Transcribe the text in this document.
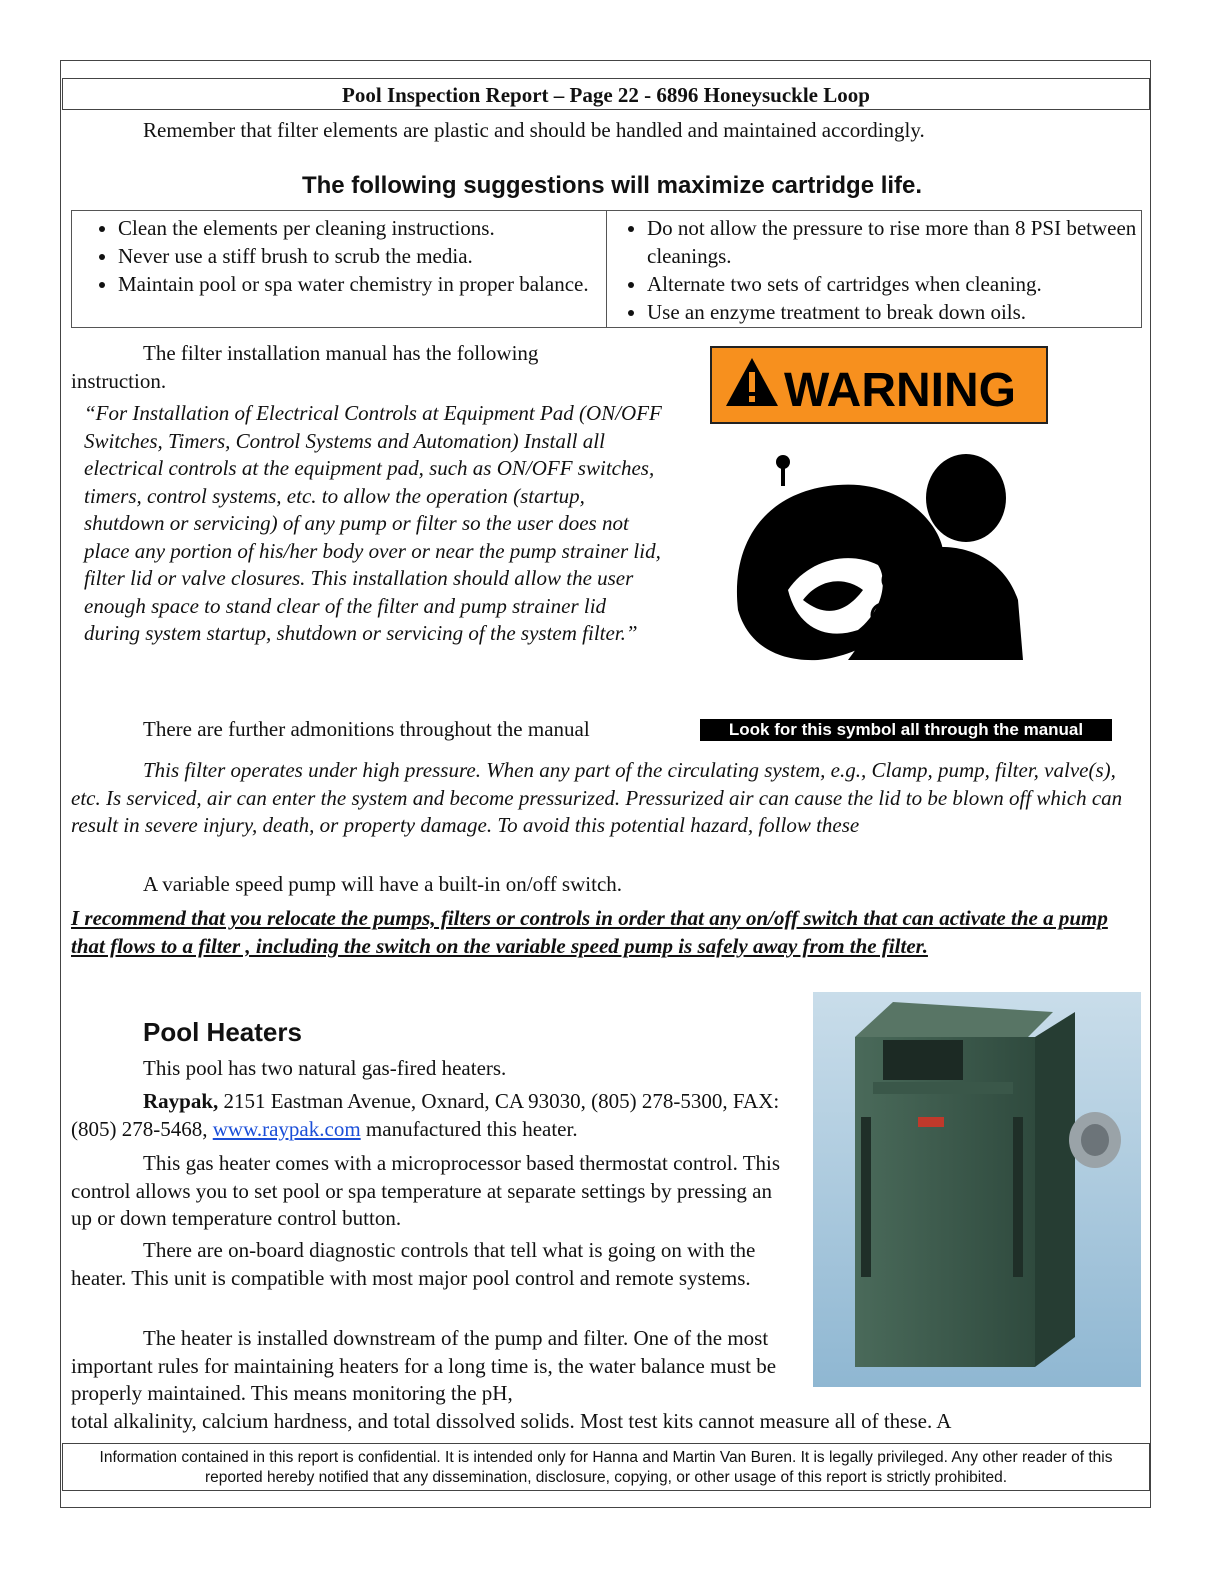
Pool Inspection Report – Page 22 - 6896 Honeysuckle Loop

Remember that filter elements are plastic and should be handled and maintained accordingly.

The following suggestions will maximize cartridge life.
• Clean the elements per cleaning instructions.
• Never use a stiff brush to scrub the media.
• Maintain pool or spa water chemistry in proper balance.

• Do not allow the pressure to rise more than 8 PSI between cleanings.
• Alternate two sets of cartridges when cleaning.
• Use an enzyme treatment to break down oils.

The filter installation manual has the following instruction.

“For Installation of Electrical Controls at Equipment Pad (ON/OFF Switches, Timers, Control Systems and Automation) Install all electrical controls at the equipment pad, such as ON/OFF switches, timers, control systems, etc. to allow the operation (startup, shutdown or servicing) of any pump or filter so the user does not place any portion of his/her body over or near the pump strainer lid, filter lid or valve closures. This installation should allow the user enough space to stand clear of the filter and pump strainer lid during system startup, shutdown or servicing of the system filter.”

WARNING

There are further admonitions throughout the manual	Look for this symbol all through the manual

This filter operates under high pressure. When any part of the circulating system, e.g., Clamp, pump, filter, valve(s), etc. Is serviced, air can enter the system and become pressurized. Pressurized air can cause the lid to be blown off which can result in severe injury, death, or property damage. To avoid this potential hazard, follow these

A variable speed pump will have a built-in on/off switch.

I recommend that you relocate the pumps, filters or controls in order that any on/off switch that can activate the a pump that flows to a filter , including the switch on the variable speed pump is safely away from the filter.

Pool Heaters

This pool has two natural gas-fired heaters.

Raypak, 2151 Eastman Avenue, Oxnard, CA 93030, (805) 278-5300, FAX: (805) 278-5468, www.raypak.com manufactured this heater.

This gas heater comes with a microprocessor based thermostat control. This control allows you to set pool or spa temperature at separate settings by pressing an up or down temperature control button.

There are on-board diagnostic controls that tell what is going on with the heater. This unit is compatible with most major pool control and remote systems.

The heater is installed downstream of the pump and filter. One of the most important rules for maintaining heaters for a long time is, the water balance must be properly maintained. This means monitoring the pH,

total alkalinity, calcium hardness, and total dissolved solids. Most test kits cannot measure all of these. A

Information contained in this report is confidential. It is intended only for Hanna and Martin Van Buren. It is legally privileged. Any other reader of this reported hereby notified that any dissemination, disclosure, copying, or other usage of this report is strictly prohibited.
